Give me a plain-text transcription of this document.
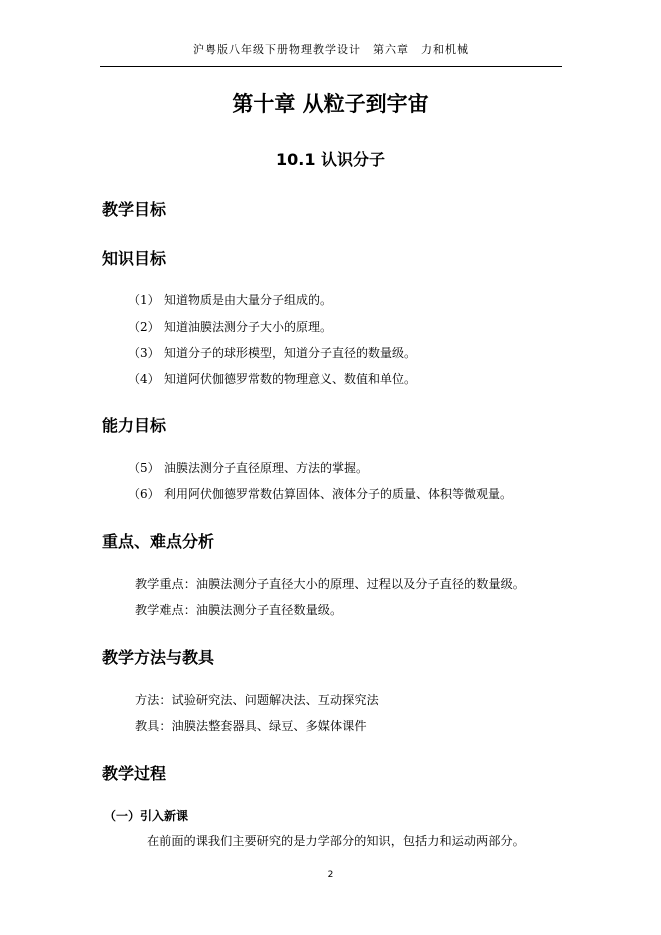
沪粤版八年级下册物理教学设计　第六章　力和机械
第十章 从粒子到宇宙
10.1 认识分子
教学目标
知识目标
（1） 知道物质是由大量分子组成的。
（2） 知道油膜法测分子大小的原理。
（3） 知道分子的球形模型，知道分子直径的数量级。
（4） 知道阿伏伽德罗常数的物理意义、数值和单位。
能力目标
（5） 油膜法测分子直径原理、方法的掌握。
（6） 利用阿伏伽德罗常数估算固体、液体分子的质量、体积等微观量。
重点、难点分析
教学重点：油膜法测分子直径大小的原理、过程以及分子直径的数量级。
教学难点：油膜法测分子直径数量级。
教学方法与教具
方法：试验研究法、问题解决法、互动探究法
教具：油膜法整套器具、绿豆、多媒体课件
教学过程
（一）引入新课
在前面的课我们主要研究的是力学部分的知识，包括力和运动两部分。
2
